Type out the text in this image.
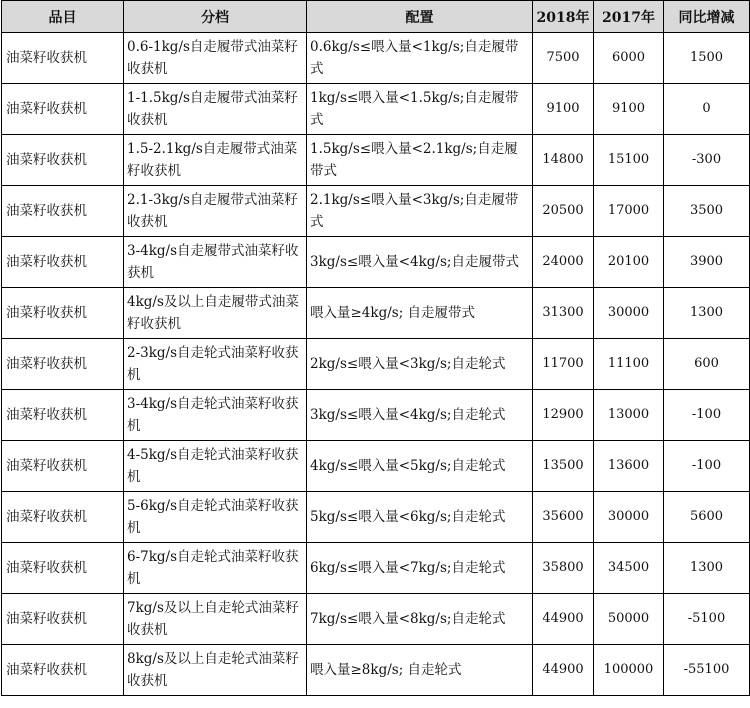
品目	分档	配置	2018年	2017年	同比增减
油菜籽收获机	0.6-1kg/s自走履带式油菜籽收获机	0.6kg/s≤喂入量<1kg/s;自走履带式	7500	6000	1500
油菜籽收获机	1-1.5kg/s自走履带式油菜籽收获机	1kg/s≤喂入量<1.5kg/s;自走履带式	9100	9100	0
油菜籽收获机	1.5-2.1kg/s自走履带式油菜籽收获机	1.5kg/s≤喂入量<2.1kg/s;自走履带式	14800	15100	-300
油菜籽收获机	2.1-3kg/s自走履带式油菜籽收获机	2.1kg/s≤喂入量<3kg/s;自走履带式	20500	17000	3500
油菜籽收获机	3-4kg/s自走履带式油菜籽收获机	3kg/s≤喂入量<4kg/s;自走履带式	24000	20100	3900
油菜籽收获机	4kg/s及以上自走履带式油菜籽收获机	喂入量≥4kg/s; 自走履带式	31300	30000	1300
油菜籽收获机	2-3kg/s自走轮式油菜籽收获机	2kg/s≤喂入量<3kg/s;自走轮式	11700	11100	600
油菜籽收获机	3-4kg/s自走轮式油菜籽收获机	3kg/s≤喂入量<4kg/s;自走轮式	12900	13000	-100
油菜籽收获机	4-5kg/s自走轮式油菜籽收获机	4kg/s≤喂入量<5kg/s;自走轮式	13500	13600	-100
油菜籽收获机	5-6kg/s自走轮式油菜籽收获机	5kg/s≤喂入量<6kg/s;自走轮式	35600	30000	5600
油菜籽收获机	6-7kg/s自走轮式油菜籽收获机	6kg/s≤喂入量<7kg/s;自走轮式	35800	34500	1300
油菜籽收获机	7kg/s及以上自走轮式油菜籽收获机	7kg/s≤喂入量<8kg/s;自走轮式	44900	50000	-5100
油菜籽收获机	8kg/s及以上自走轮式油菜籽收获机	喂入量≥8kg/s; 自走轮式	44900	100000	-55100
